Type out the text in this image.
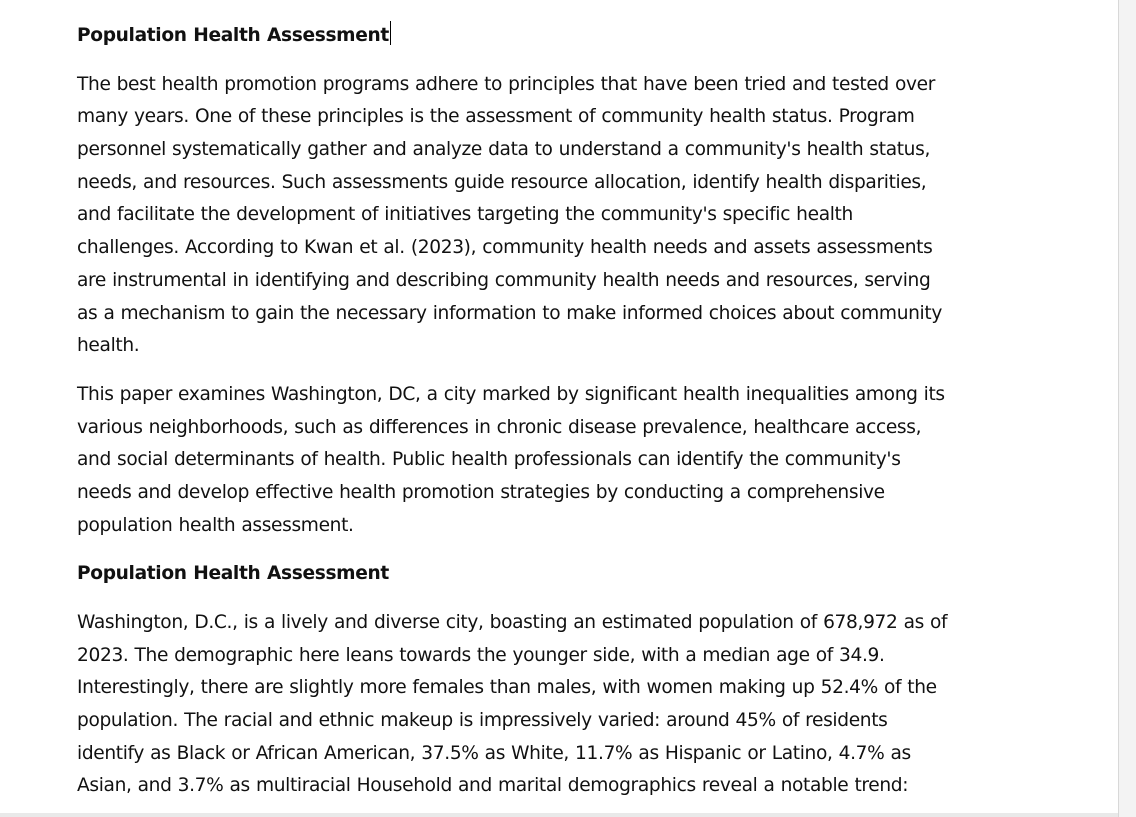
Population Health Assessment
The best health promotion programs adhere to principles that have been tried and tested over
many years. One of these principles is the assessment of community health status. Program
personnel systematically gather and analyze data to understand a community's health status,
needs, and resources. Such assessments guide resource allocation, identify health disparities,
and facilitate the development of initiatives targeting the community's specific health
challenges. According to Kwan et al. (2023), community health needs and assets assessments
are instrumental in identifying and describing community health needs and resources, serving
as a mechanism to gain the necessary information to make informed choices about community
health.
This paper examines Washington, DC, a city marked by significant health inequalities among its
various neighborhoods, such as differences in chronic disease prevalence, healthcare access,
and social determinants of health. Public health professionals can identify the community's
needs and develop effective health promotion strategies by conducting a comprehensive
population health assessment.
Population Health Assessment
Washington, D.C., is a lively and diverse city, boasting an estimated population of 678,972 as of
2023. The demographic here leans towards the younger side, with a median age of 34.9.
Interestingly, there are slightly more females than males, with women making up 52.4% of the
population. The racial and ethnic makeup is impressively varied: around 45% of residents
identify as Black or African American, 37.5% as White, 11.7% as Hispanic or Latino, 4.7% as
Asian, and 3.7% as multiracial Household and marital demographics reveal a notable trend:
